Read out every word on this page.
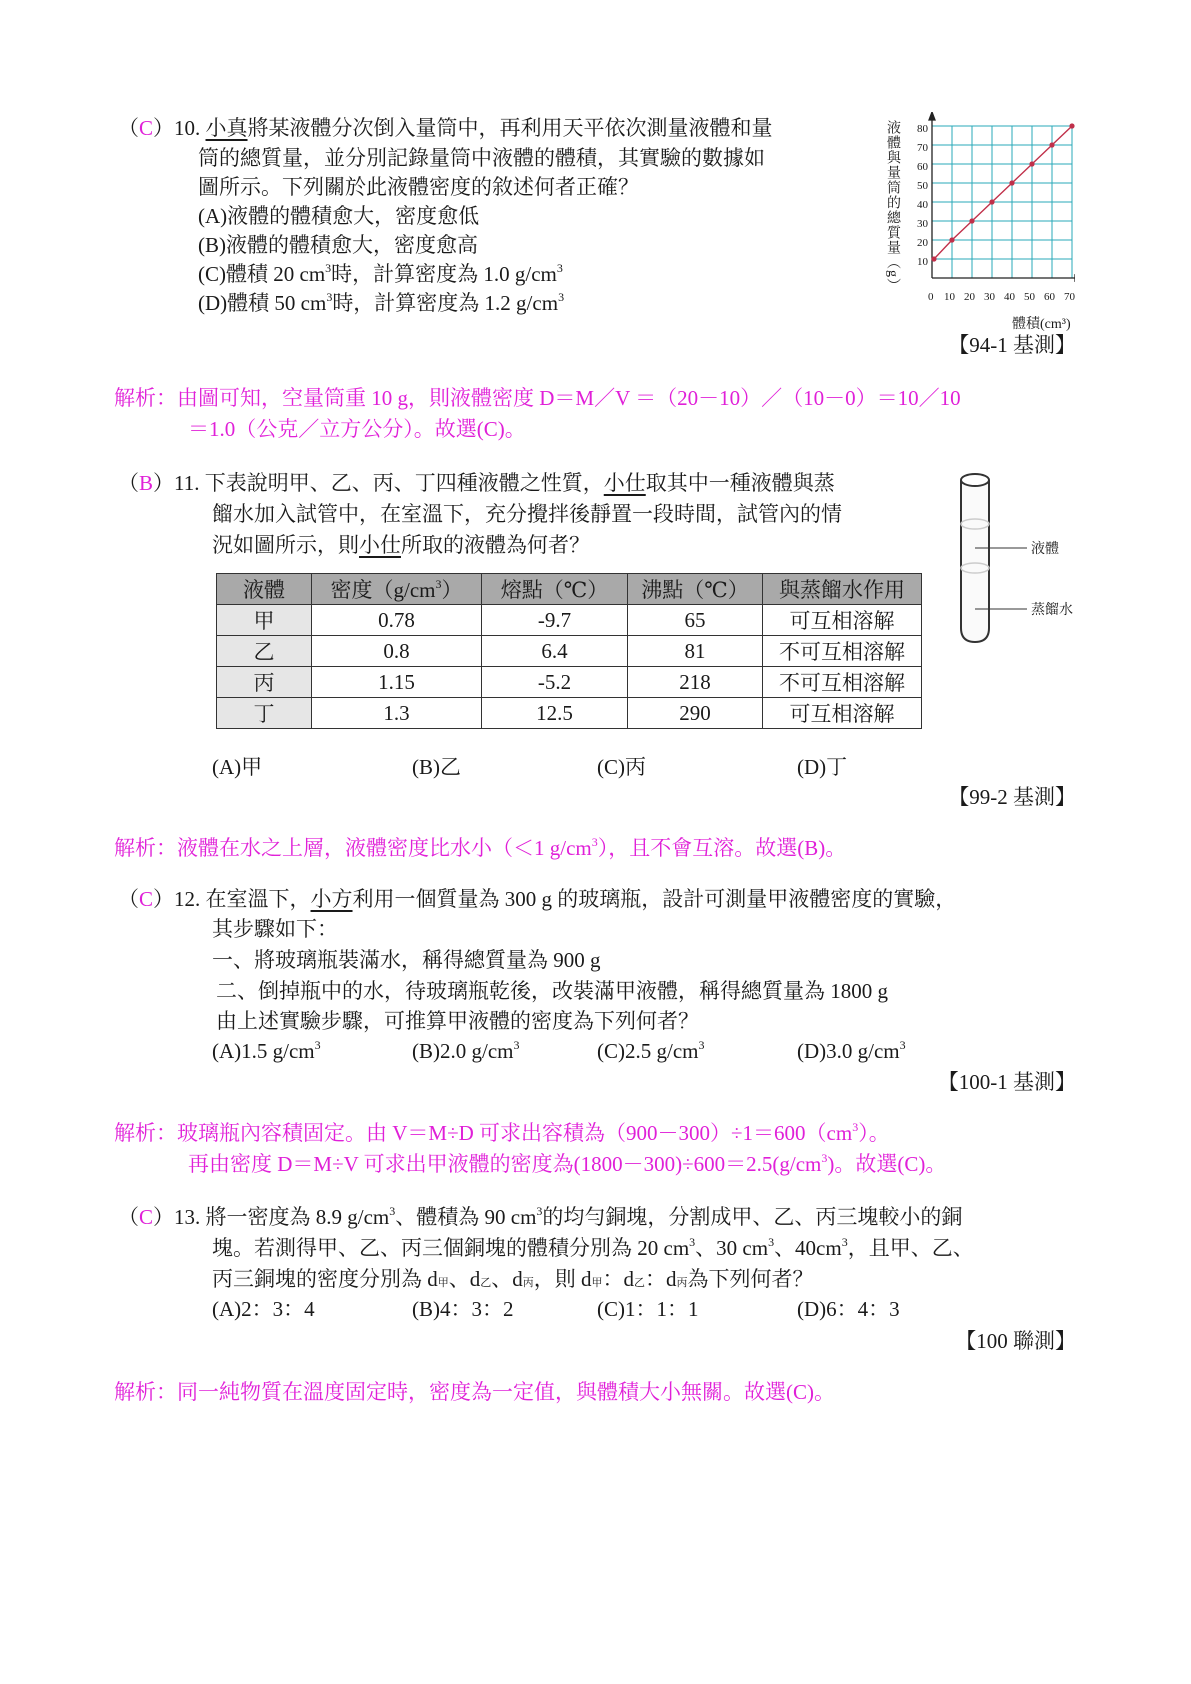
（C）10. 小真將某液體分次倒入量筒中，再利用天平依次測量液體和量
筒的總質量，並分別記錄量筒中液體的體積，其實驗的數據如
圖所示。下列關於此液體密度的敘述何者正確？
(A)液體的體積愈大，密度愈低
(B)液體的體積愈大，密度愈高
(C)體積 20 $cm^3$時，計算密度為 1.0 $g/cm^3$
(D)體積 50 $cm^3$時，計算密度為 1.2 $g/cm^3$
液體與量筒的總質量（g）	80
70
60
50
40
30
20
10
0 10 20 30 40 50 60 70
體積(cm³)
【94-1 基測】
解析：由圖可知，空量筒重 10 g，則液體密度 D＝M／V ＝（20－10）／（10－0）＝10／10
＝1.0（公克／立方公分）。故選(C)。
（B）11. 下表說明甲、乙、丙、丁四種液體之性質，小仕取其中一種液體與蒸
餾水加入試管中，在室溫下，充分攪拌後靜置一段時間，試管內的情
況如圖所示，則小仕所取的液體為何者？	液體
蒸餾水
液體	密度$(g/cm^3)$	熔點（℃）	沸點（℃）	與蒸餾水作用
甲	0.78	-9.7	65	可互相溶解
乙	0.8	6.4	81	不可互相溶解
丙	1.15	-5.2	218	不可互相溶解
丁	1.3	12.5	290	可互相溶解
(A)甲	(B)乙	(C)丙	(D)丁
【99-2 基測】
解析：液體在水之上層，液體密度比水小（＜1 $g/cm^3$），且不會互溶。故選(B)。
（C）12. 在室溫下，小方利用一個質量為 300 g 的玻璃瓶，設計可測量甲液體密度的實驗，
其步驟如下：
一、將玻璃瓶裝滿水，稱得總質量為 900 g
二、倒掉瓶中的水，待玻璃瓶乾後，改裝滿甲液體，稱得總質量為 1800 g
由上述實驗步驟，可推算甲液體的密度為下列何者？
(A)1.5 $g/cm^3$	(B)2.0 $g/cm^3$	(C)2.5 $g/cm^3$	(D)3.0 $g/cm^3$
【100-1 基測】
解析：玻璃瓶內容積固定。由 V＝M÷D 可求出容積為$(900-300)\div 1=600(cm^3)$。
再由密度 D＝M÷V 可求出甲液體的密度為$(1800-300)\div 600=2.5(g/cm^3)$。故選(C)。
（C）13. 將一密度為 8.9 $g/cm^3$、體積為 90 $cm^3$的均勻銅塊，分割成甲、乙、丙三塊較小的銅
塊。若測得甲、乙、丙三個銅塊的體積分別為 20 $cm^3$、30 $cm^3$、$40cm^3$，且甲、乙、
丙三銅塊的密度分別為 d甲、d乙、d丙，則 d甲：d乙：d丙為下列何者？
(A)2：3：4	(B)4：3：2	(C)1：1：1	(D)6：4：3
【100 聯測】
解析：同一純物質在溫度固定時，密度為一定值，與體積大小無關。故選(C)。
